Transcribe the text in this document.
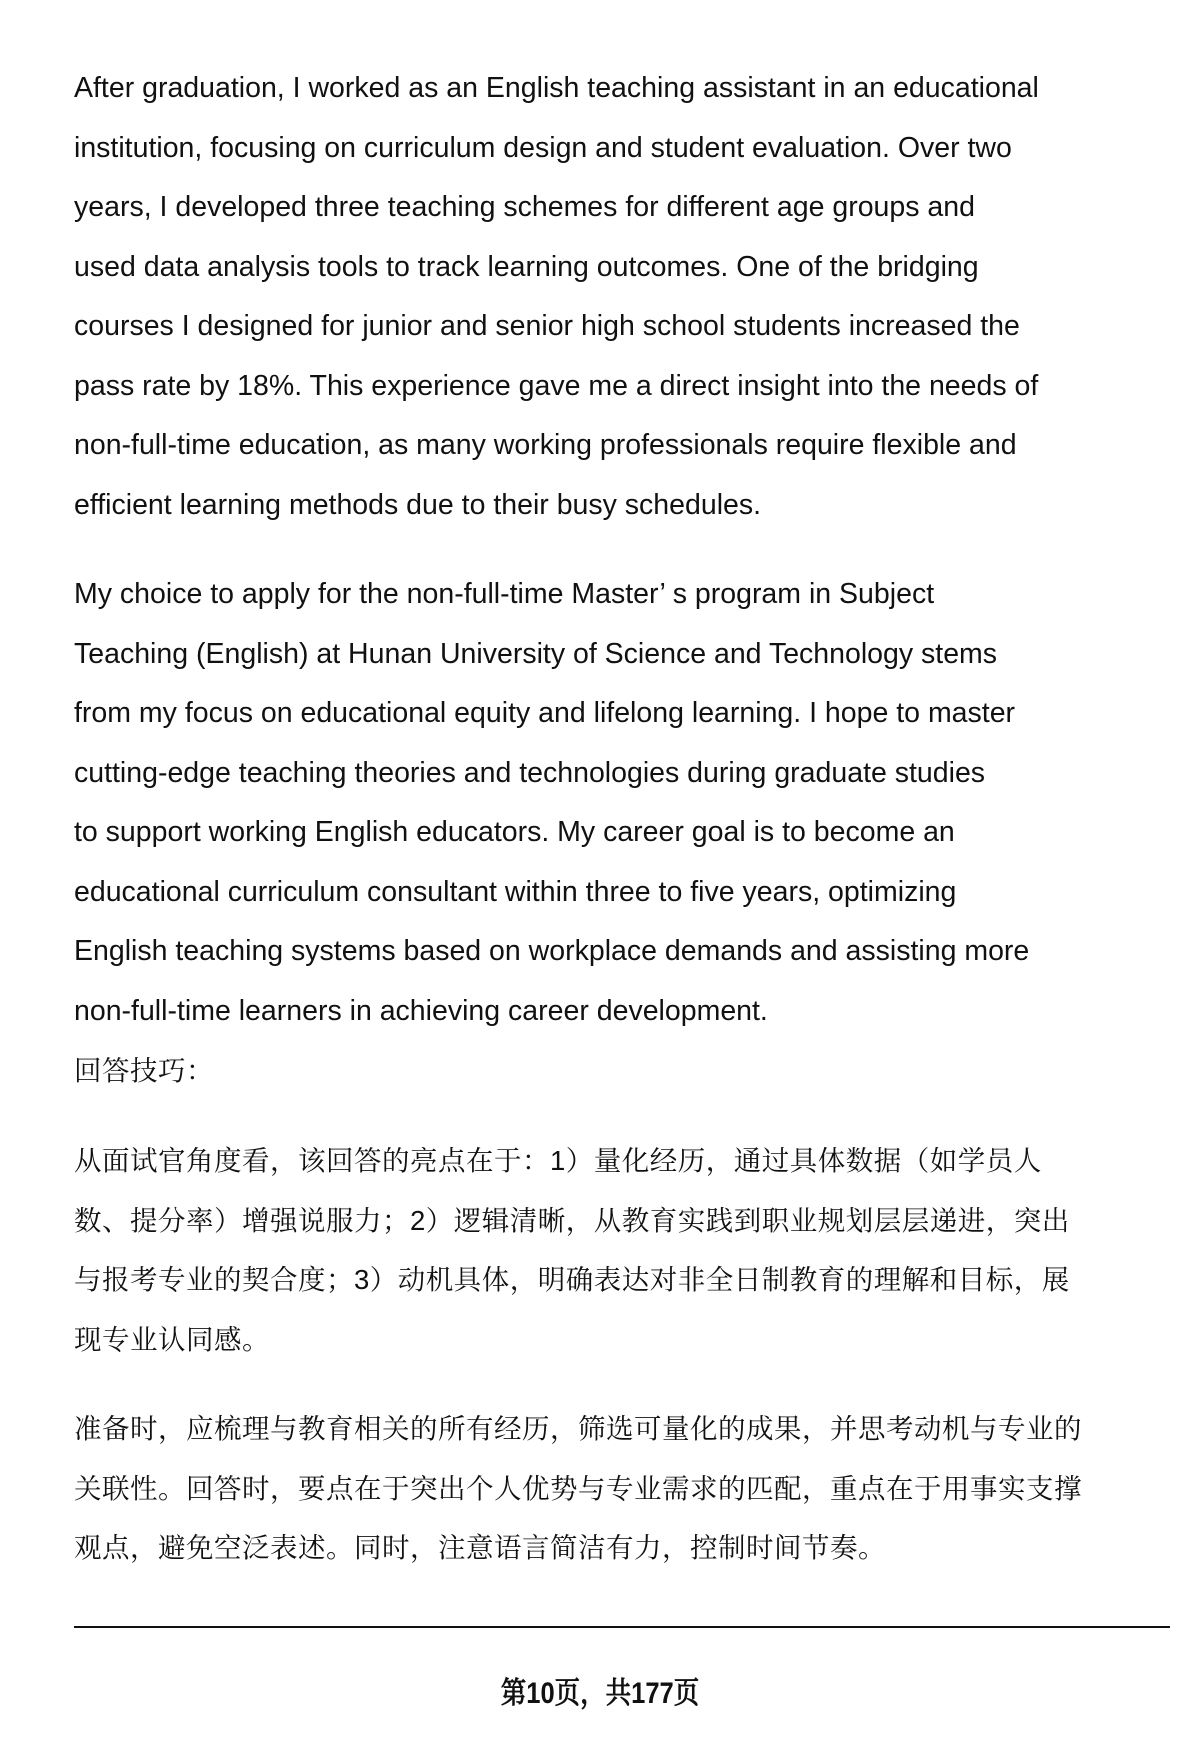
After graduation, I worked as an English teaching assistant in an educational
institution, focusing on curriculum design and student evaluation. Over two
years, I developed three teaching schemes for different age groups and
used data analysis tools to track learning outcomes. One of the bridging
courses I designed for junior and senior high school students increased the
pass rate by 18%. This experience gave me a direct insight into the needs of
non-full-time education, as many working professionals require flexible and
efficient learning methods due to their busy schedules.
My choice to apply for the non-full-time Master’ s program in Subject
Teaching (English) at Hunan University of Science and Technology stems
from my focus on educational equity and lifelong learning. I hope to master
cutting-edge teaching theories and technologies during graduate studies
to support working English educators. My career goal is to become an
educational curriculum consultant within three to five years, optimizing
English teaching systems based on workplace demands and assisting more
non-full-time learners in achieving career development.
回答技巧：
从面试官角度看，该回答的亮点在于：1）量化经历，通过具体数据（如学员人
数、提分率）增强说服力；2）逻辑清晰，从教育实践到职业规划层层递进，突出
与报考专业的契合度；3）动机具体，明确表达对非全日制教育的理解和目标，展
现专业认同感。
准备时，应梳理与教育相关的所有经历，筛选可量化的成果，并思考动机与专业的
关联性。回答时，要点在于突出个人优势与专业需求的匹配，重点在于用事实支撑
观点，避免空泛表述。同时，注意语言简洁有力，控制时间节奏。
第10页，共177页
